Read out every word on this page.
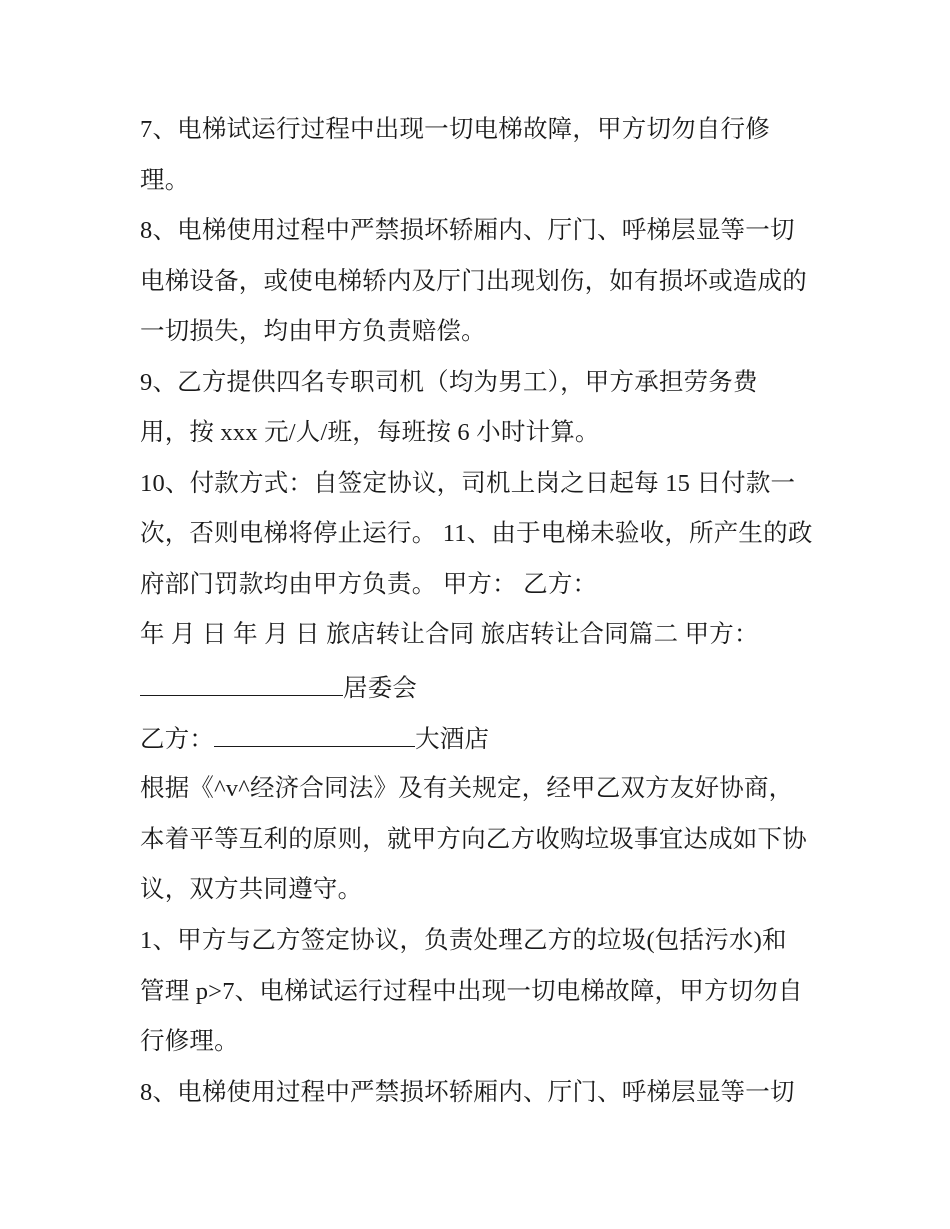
7、电梯试运行过程中出现一切电梯故障，甲方切勿自行修
理。
8、电梯使用过程中严禁损坏轿厢内、厅门、呼梯层显等一切
电梯设备，或使电梯轿内及厅门出现划伤，如有损坏或造成的
一切损失，均由甲方负责赔偿。
9、乙方提供四名专职司机（均为男工），甲方承担劳务费
用，按 xxx 元/人/班，每班按 6 小时计算。
10、付款方式：自签定协议，司机上岗之日起每 15 日付款一
次，否则电梯将停止运行。 11、由于电梯未验收，所产生的政
府部门罚款均由甲方负责。 甲方： 乙方：
年 月 日 年 月 日 旅店转让合同 旅店转让合同篇二 甲方：
居委会
乙方：	大酒店
根据《^v^经济合同法》及有关规定，经甲乙双方友好协商，
本着平等互利的原则，就甲方向乙方收购垃圾事宜达成如下协
议，双方共同遵守。
1、甲方与乙方签定协议，负责处理乙方的垃圾(包括污水)和
管理 p>7、电梯试运行过程中出现一切电梯故障，甲方切勿自
行修理。
8、电梯使用过程中严禁损坏轿厢内、厅门、呼梯层显等一切
